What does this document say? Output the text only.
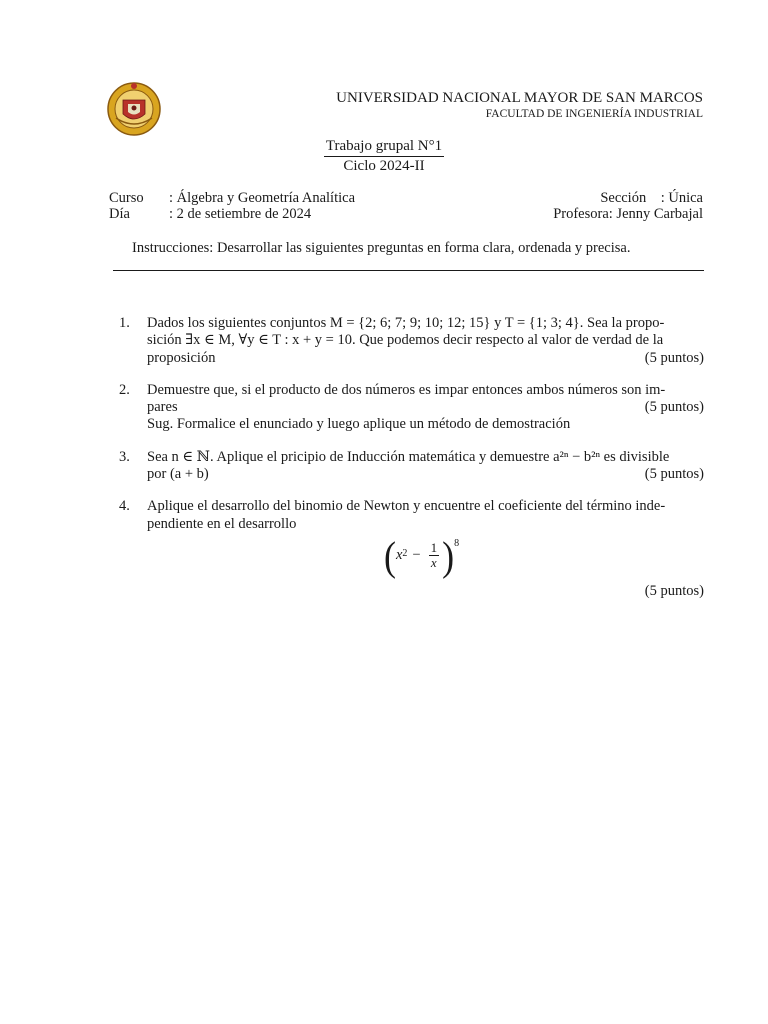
UNIVERSIDAD NACIONAL MAYOR DE SAN MARCOS
FACULTAD DE INGENIERÍA INDUSTRIAL
Trabajo grupal N°1
Ciclo 2024-II
Curso : Álgebra y Geometría Analítica
Día	: 2 de setiembre de 2024
Sección    : Única
Profesora: Jenny Carbajal
Instrucciones: Desarrollar las siguientes preguntas en forma clara, ordenada y precisa.
1. Dados los siguientes conjuntos M = {2; 6; 7; 9; 10; 12; 15} y T = {1; 3; 4}. Sea la propo-
sición ∃x ∈ M, ∀y ∈ T : x + y = 10. Que podemos decir respecto al valor de verdad de la
proposición	(5 puntos)
2. Demuestre que, si el producto de dos números es impar entonces ambos números son im-
pares	(5 puntos)
Sug. Formalice el enunciado y luego aplique un método de demostración
3. Sea n ∈ ℕ. Aplique el pricipio de Inducción matemática y demuestre a²ⁿ − b²ⁿ es divisible
por (a + b)	(5 puntos)
4. Aplique el desarrollo del binomio de Newton y encuentre el coeficiente del término inde-
pendiente en el desarrollo
( x $2 - \frac{1}{x}$ ) 8
(5 puntos)
